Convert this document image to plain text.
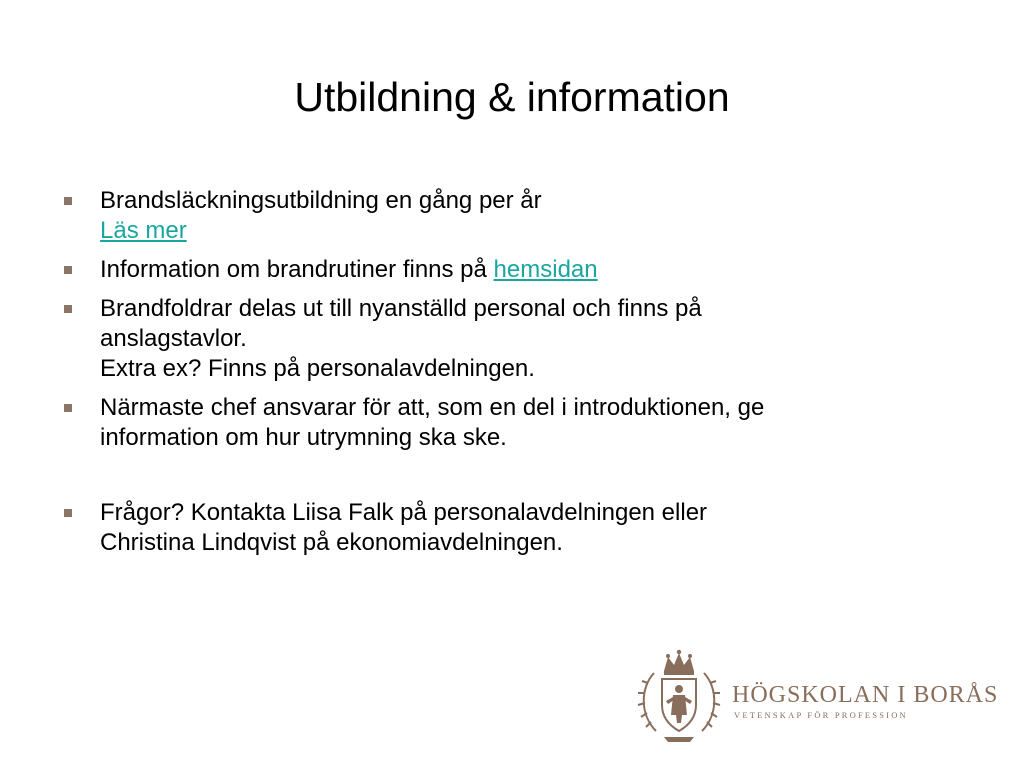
Utbildning & information
Brandsläckningsutbildning en gång per år
Läs mer
Information om brandrutiner finns på hemsidan
Brandfoldrar delas ut till nyanställd personal och finns på
anslagstavlor.
Extra ex? Finns på personalavdelningen.
Närmaste chef ansvarar för att, som en del i introduktionen, ge
information om hur utrymning ska ske.
Frågor? Kontakta Liisa Falk på personalavdelningen eller
Christina Lindqvist på ekonomiavdelningen.
HÖGSKOLAN I BORÅS
VETENSKAP FÖR PROFESSION
